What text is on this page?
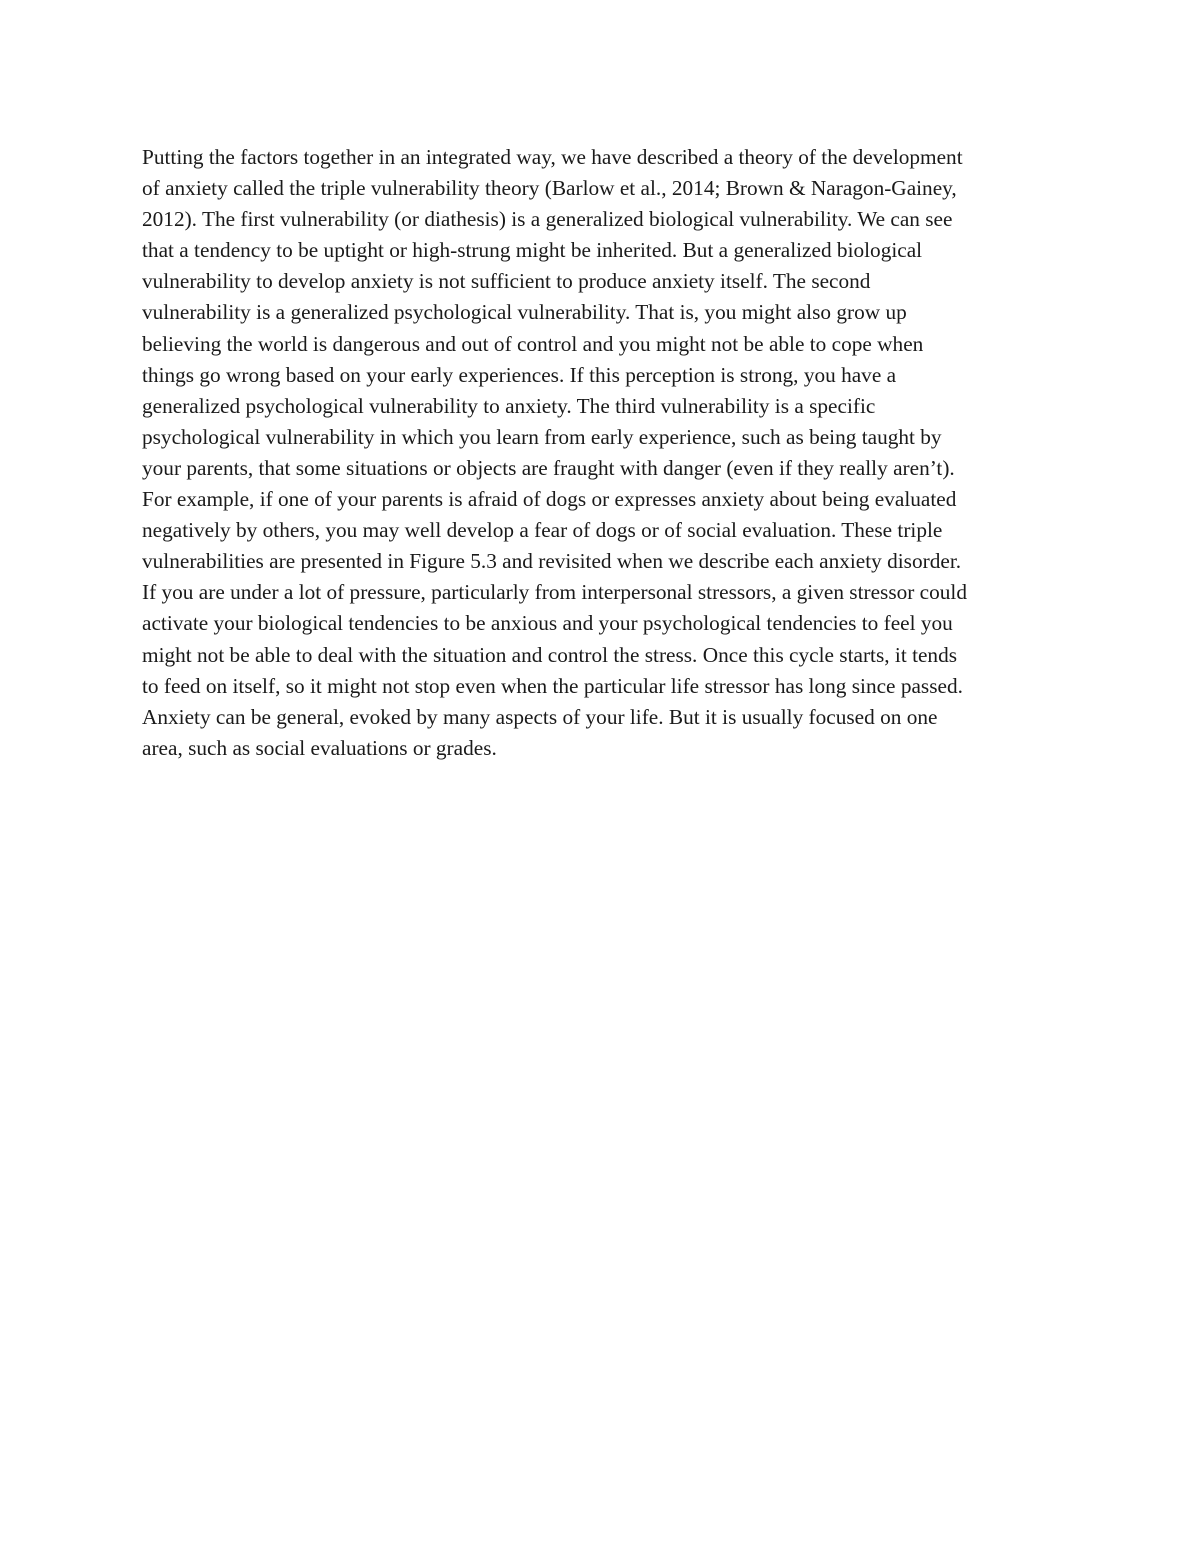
Putting the factors together in an integrated way, we have described a theory of the development
of anxiety called the triple vulnerability theory (Barlow et al., 2014; Brown & Naragon-Gainey,
2012). The first vulnerability (or diathesis) is a generalized biological vulnerability. We can see
that a tendency to be uptight or high-strung might be inherited. But a generalized biological
vulnerability to develop anxiety is not sufficient to produce anxiety itself. The second
vulnerability is a generalized psychological vulnerability. That is, you might also grow up
believing the world is dangerous and out of control and you might not be able to cope when
things go wrong based on your early experiences. If this perception is strong, you have a
generalized psychological vulnerability to anxiety. The third vulnerability is a specific
psychological vulnerability in which you learn from early experience, such as being taught by
your parents, that some situations or objects are fraught with danger (even if they really aren’t).
For example, if one of your parents is afraid of dogs or expresses anxiety about being evaluated
negatively by others, you may well develop a fear of dogs or of social evaluation. These triple
vulnerabilities are presented in Figure 5.3 and revisited when we describe each anxiety disorder.
If you are under a lot of pressure, particularly from interpersonal stressors, a given stressor could
activate your biological tendencies to be anxious and your psychological tendencies to feel you
might not be able to deal with the situation and control the stress. Once this cycle starts, it tends
to feed on itself, so it might not stop even when the particular life stressor has long since passed.
Anxiety can be general, evoked by many aspects of your life. But it is usually focused on one
area, such as social evaluations or grades.
